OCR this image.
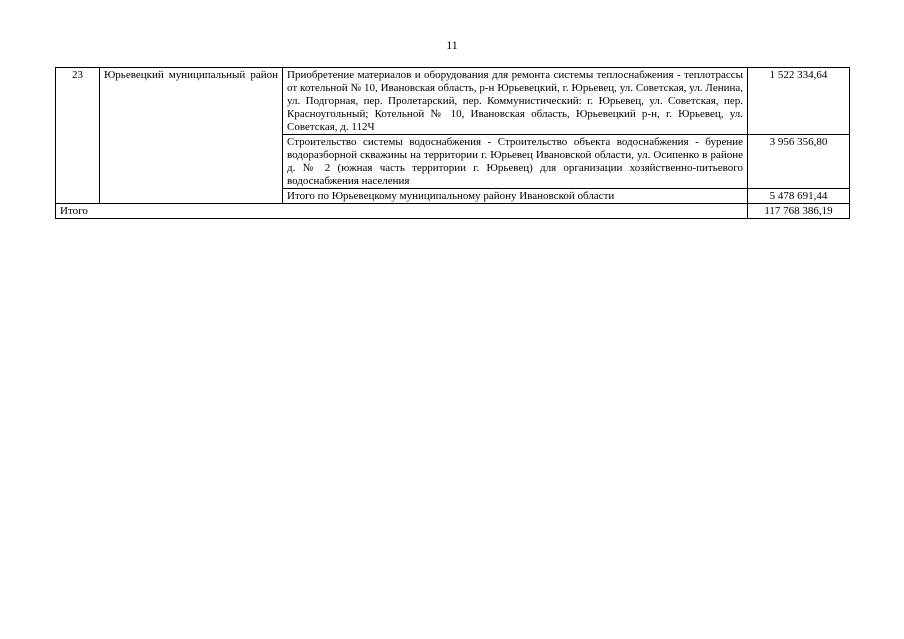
11
23	Юрьевецкий муниципальный район	Приобретение материалов и оборудования для ремонта системы теплоснабжения - теплотрассы от котельной № 10, Ивановская область, р-н Юрьевецкий, г. Юрьевец, ул. Советская, ул. Ленина, ул. Подгорная, пер. Пролетарский, пер. Коммунистический: г. Юрьевец, ул. Советская, пер. Красноугольный; Котельной № 10, Ивановская область, Юрьевецкий р-н, г. Юрьевец, ул. Советская, д. 112Ч	1 522 334,64
		Строительство системы водоснабжения - Строительство объекта водоснабжения - бурение водоразборной скважины на территории г. Юрьевец Ивановской области, ул. Осипенко в районе д. № 2 (южная часть территории г. Юрьевец) для организации хозяйственно-питьевого водоснабжения населения	3 956 356,80
		Итого по Юрьевецкому муниципальному району Ивановской области	5 478 691,44
Итого			117 768 386,19
